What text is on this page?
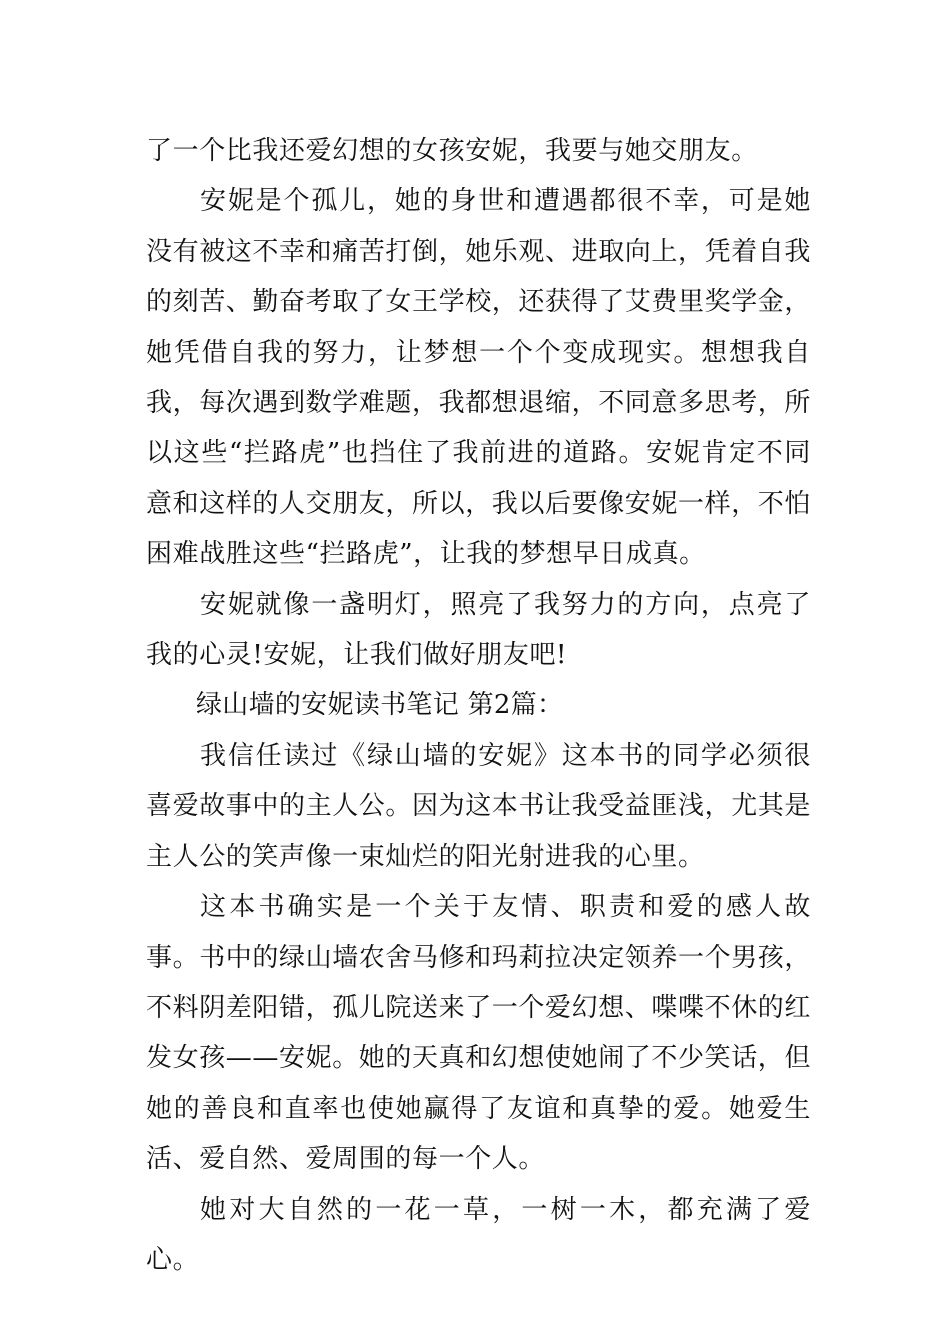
了一个比我还爱幻想的女孩安妮，我要与她交朋友。

安妮是个孤儿，她的身世和遭遇都很不幸，可是她没有被这不幸和痛苦打倒，她乐观、进取向上，凭着自我的刻苦、勤奋考取了女王学校，还获得了艾费里奖学金，她凭借自我的努力，让梦想一个个变成现实。想想我自我，每次遇到数学难题，我都想退缩，不同意多思考，所以这些“拦路虎”也挡住了我前进的道路。安妮肯定不同意和这样的人交朋友，所以，我以后要像安妮一样，不怕困难战胜这些“拦路虎”，让我的梦想早日成真。

安妮就像一盏明灯，照亮了我努力的方向，点亮了我的心灵!安妮，让我们做好朋友吧!

绿山墙的安妮读书笔记 第2篇：

我信任读过《绿山墙的安妮》这本书的同学必须很喜爱故事中的主人公。因为这本书让我受益匪浅，尤其是主人公的笑声像一束灿烂的阳光射进我的心里。

这本书确实是一个关于友情、职责和爱的感人故事。书中的绿山墙农舍马修和玛莉拉决定领养一个男孩，不料阴差阳错，孤儿院送来了一个爱幻想、喋喋不休的红发女孩——安妮。她的天真和幻想使她闹了不少笑话，但她的善良和直率也使她赢得了友谊和真挚的爱。她爱生活、爱自然、爱周围的每一个人。

她对大自然的一花一草，一树一木，都充满了爱心。
